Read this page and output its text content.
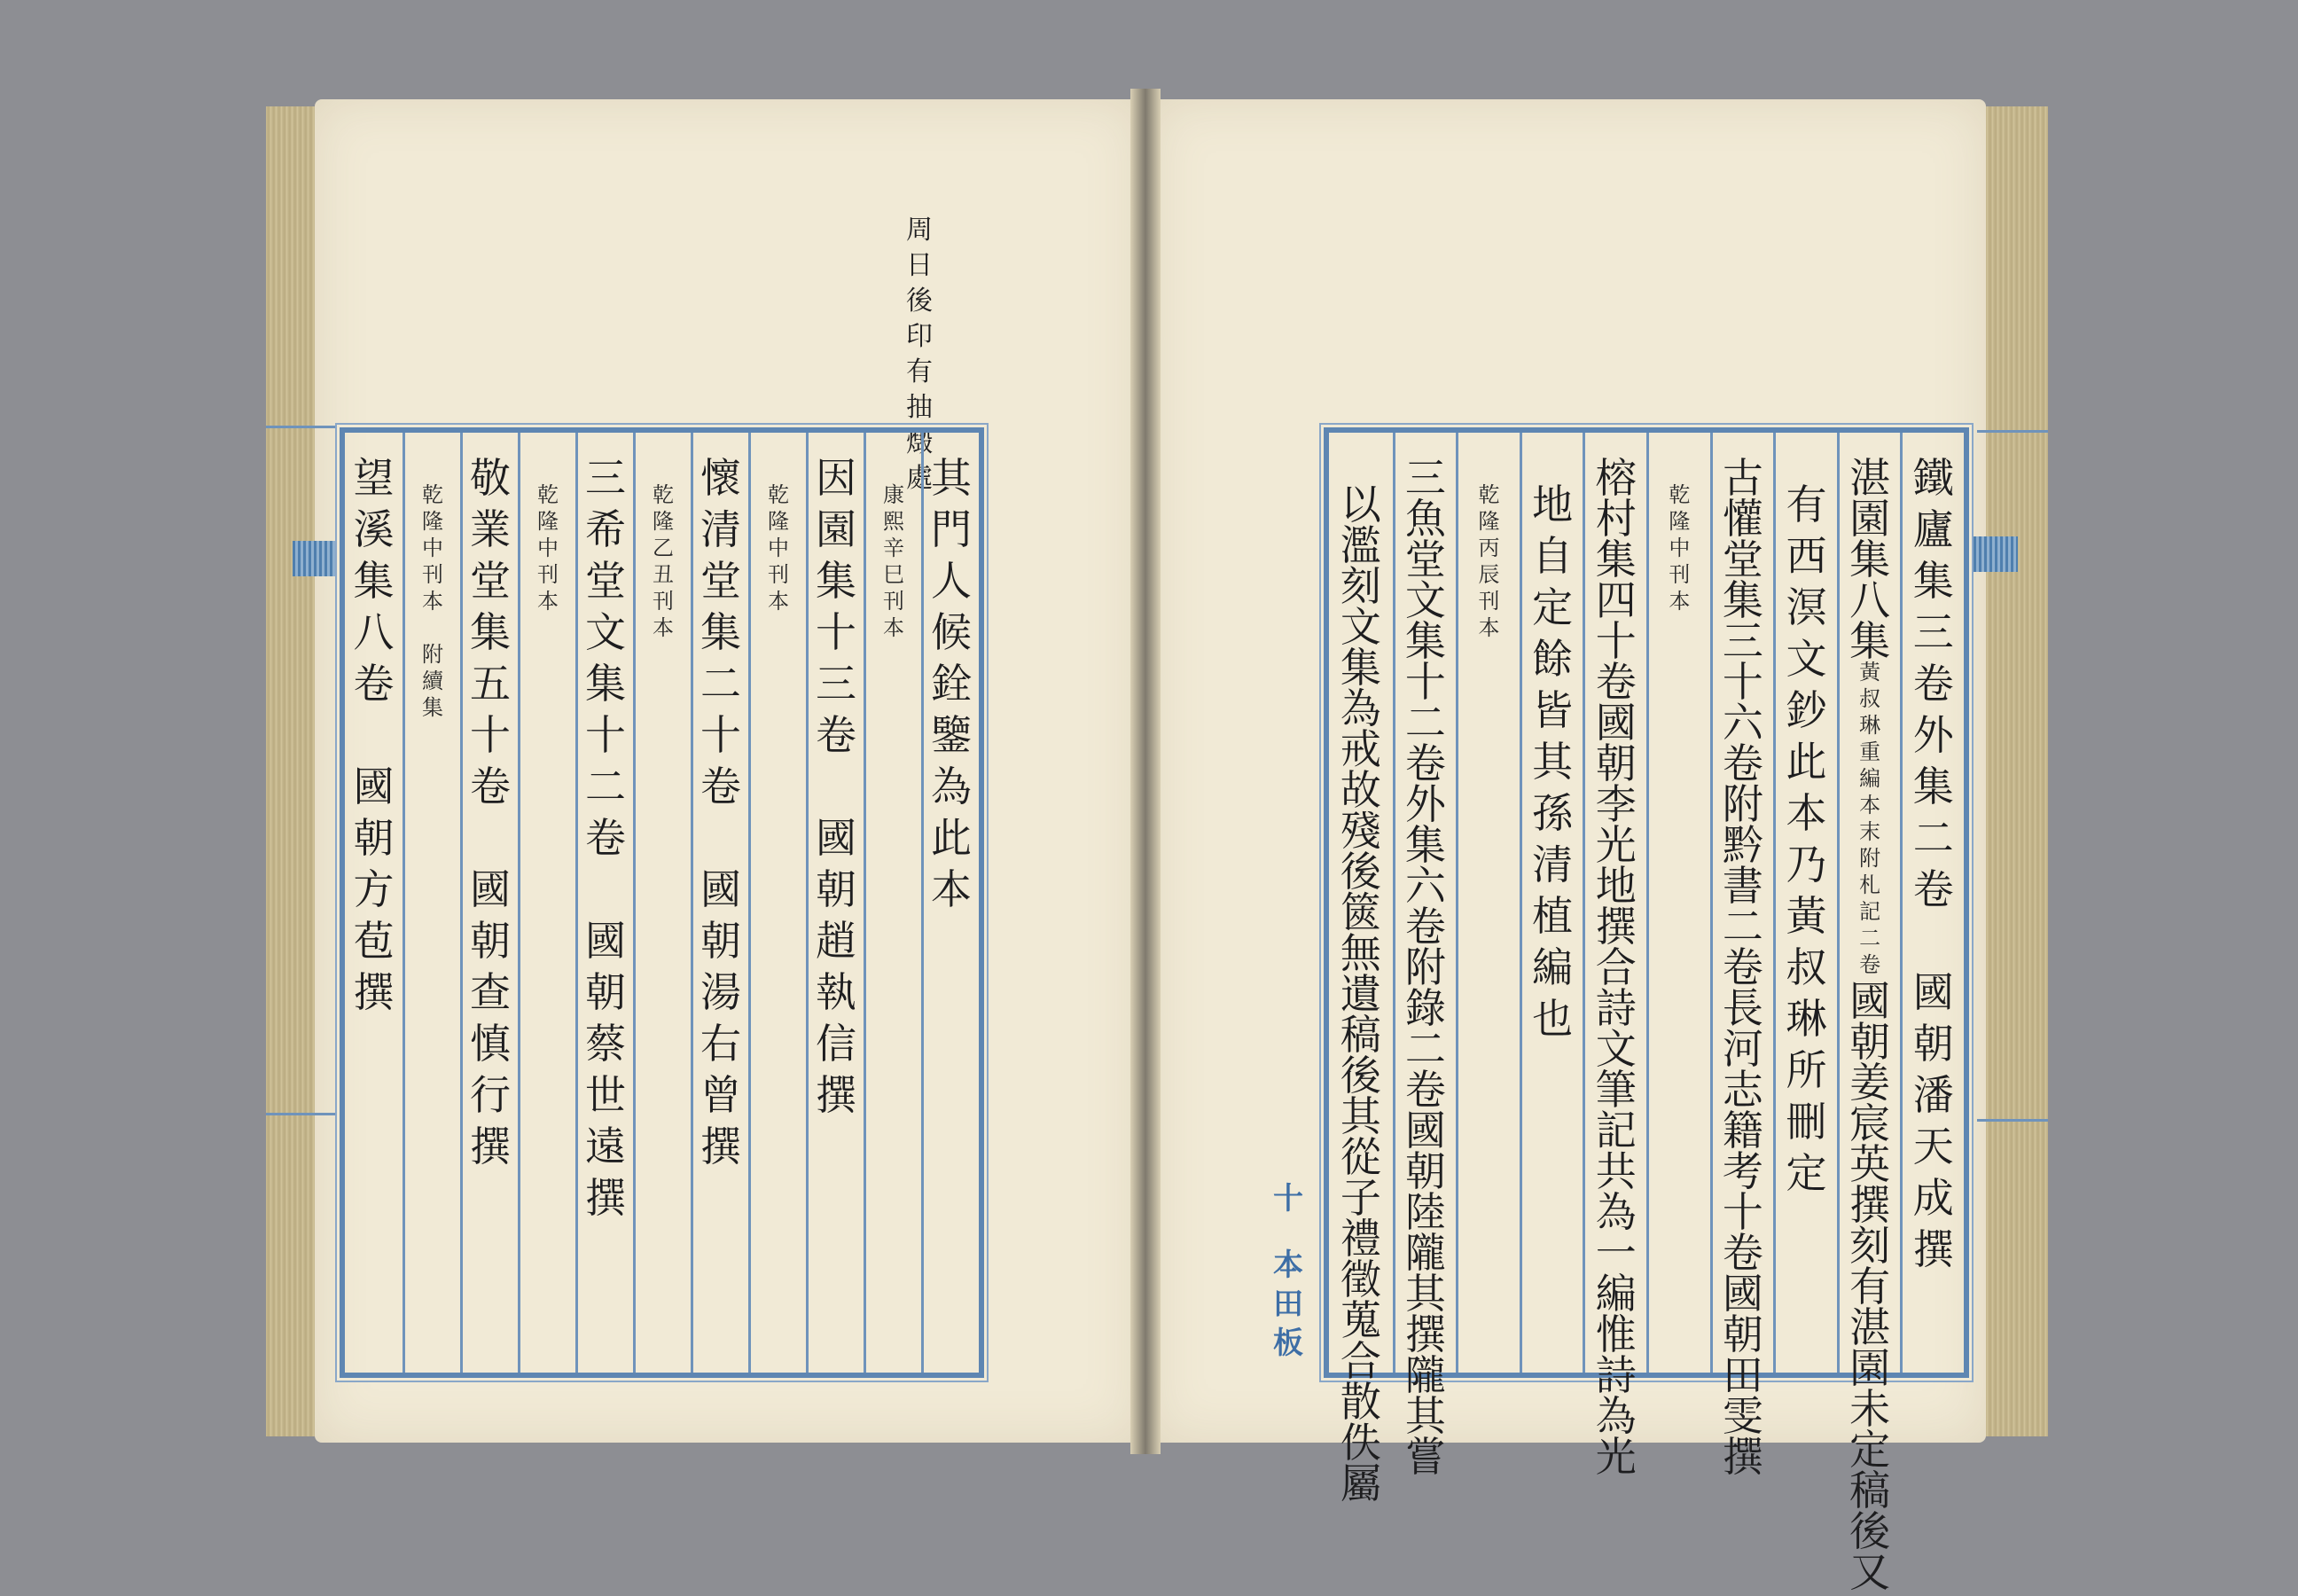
周
日
後
印
有
抽
燬
處
其
門
人
候
銓
鑒
為
此
本
康
熙
辛
巳
刊
本
因
園
集
十
三
卷
國
朝
趙
執
信
撰
乾
隆
中
刊
本
懷
清
堂
集
二
十
卷
國
朝
湯
右
曾
撰
乾
隆
乙
丑
刊
本
三
希
堂
文
集
十
二
卷
國
朝
蔡
世
遠
撰
乾
隆
中
刊
本
敬
業
堂
集
五
十
卷
國
朝
查
慎
行
撰
乾
隆
中
刊
本
附
續
集
望
溪
集
八
卷
國
朝
方
苞
撰
鐵
廬
集
三
卷
外
集
二
卷
國
朝
潘
天
成
撰
湛
園
集
八
集
黃
叔
琳
重
編
本
末
附
札
記
二
卷
國
朝
姜
宸
英
撰
刻
有
湛
園
未
定
稿
後
又
有
西
溟
文
鈔
此
本
乃
黃
叔
琳
所
刪
定
古
懽
堂
集
三
十
六
卷
附
黔
書
二
卷
長
河
志
籍
考
十
卷
國
朝
田
雯
撰
乾
隆
中
刊
本
榕
村
集
四
十
卷
國
朝
李
光
地
撰
合
詩
文
筆
記
共
為
一
編
惟
詩
為
光
地
自
定
餘
皆
其
孫
清
植
編
也
乾
隆
丙
辰
刊
本
三
魚
堂
文
集
十
二
卷
外
集
六
卷
附
錄
二
卷
國
朝
陸
隴
其
撰
隴
其
嘗
以
濫
刻
文
集
為
戒
故
殘
後
篋
無
遺
稿
後
其
從
子
禮
徵
蒐
合
散
佚
屬
十
本
田
板
